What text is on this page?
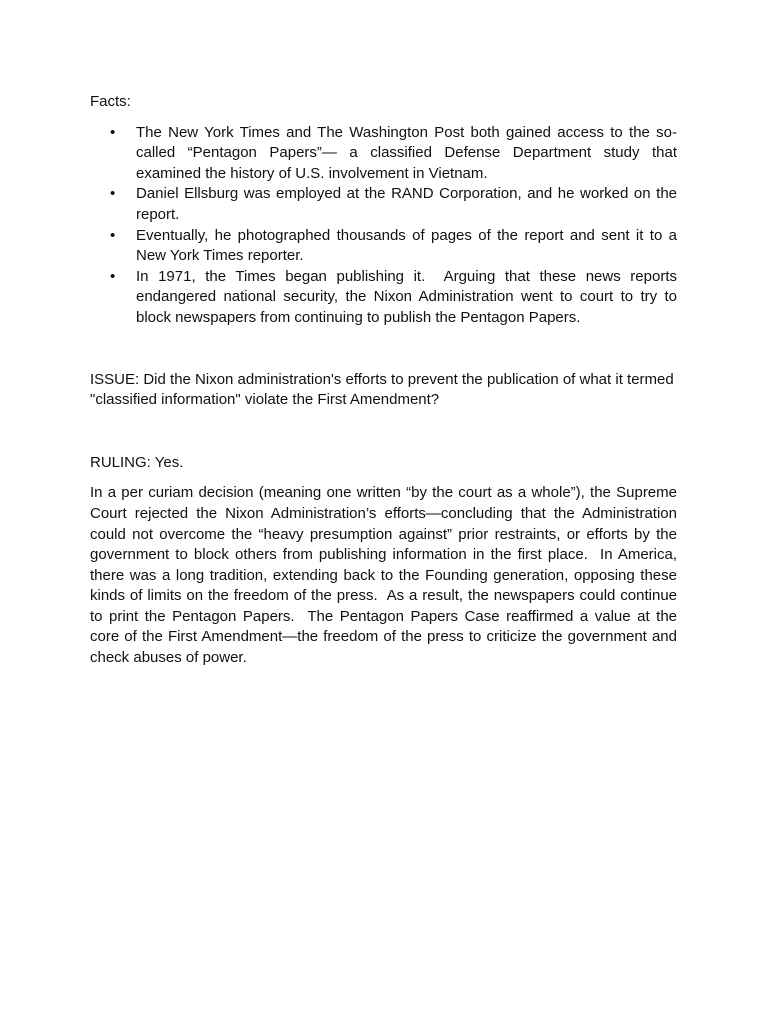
Facts:

• The New York Times and The Washington Post both gained access to the so-called “Pentagon Papers”— a classified Defense Department study that examined the history of U.S. involvement in Vietnam.
• Daniel Ellsburg was employed at the RAND Corporation, and he worked on the report.
• Eventually, he photographed thousands of pages of the report and sent it to a New York Times reporter.
• In 1971, the Times began publishing it.  Arguing that these news reports endangered national security, the Nixon Administration went to court to try to block newspapers from continuing to publish the Pentagon Papers.

ISSUE: Did the Nixon administration's efforts to prevent the publication of what it termed "classified information" violate the First Amendment?

RULING: Yes.

In a per curiam decision (meaning one written “by the court as a whole”), the Supreme Court rejected the Nixon Administration’s efforts—concluding that the Administration could not overcome the “heavy presumption against” prior restraints, or efforts by the government to block others from publishing information in the first place.  In America, there was a long tradition, extending back to the Founding generation, opposing these kinds of limits on the freedom of the press.  As a result, the newspapers could continue to print the Pentagon Papers.  The Pentagon Papers Case reaffirmed a value at the core of the First Amendment—the freedom of the press to criticize the government and check abuses of power.
